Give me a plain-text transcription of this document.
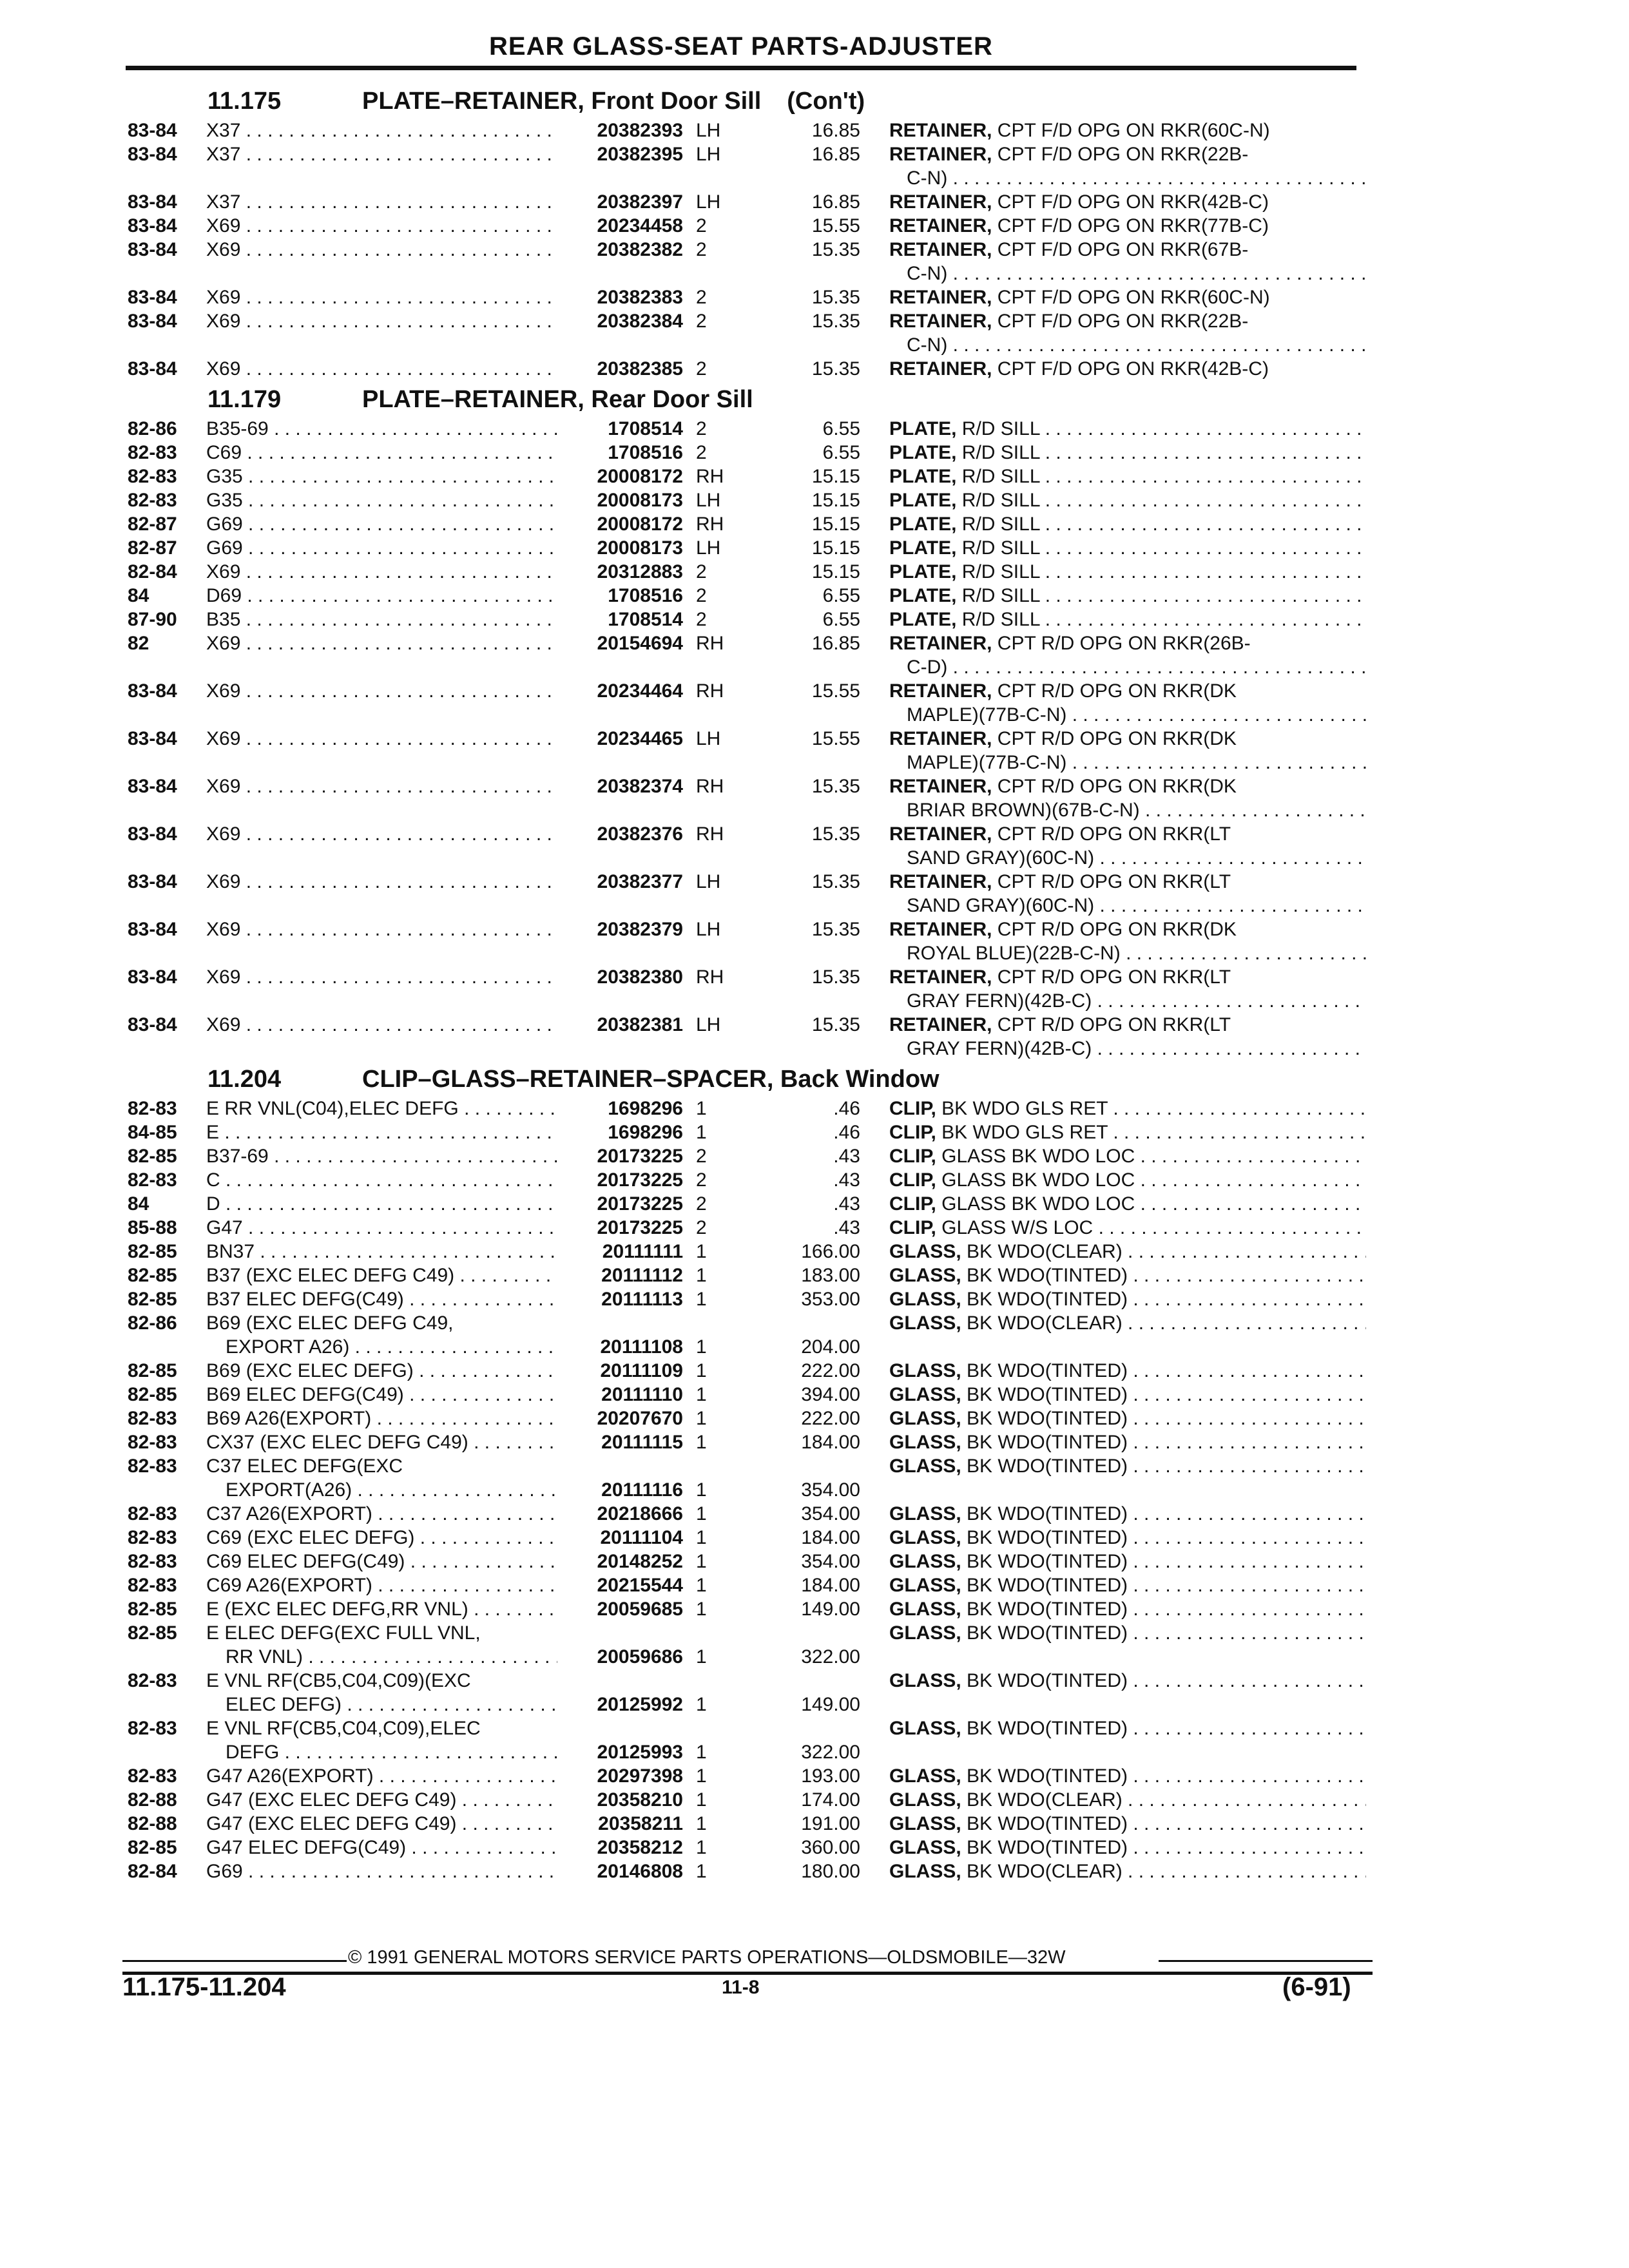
REAR GLASS-SEAT PARTS-ADJUSTER
11.175	PLATE–RETAINER, Front Door Sill (Con't)
83-84 X37 . . .	20382393 LH	16.85 RETAINER, CPT F/D OPG ON RKR(60C-N)
83-84 X37 . . .	20382395 LH	16.85 RETAINER, CPT F/D OPG ON RKR(22B-
C-N) . . .
83-84 X37 . . .	20382397 LH	16.85 RETAINER, CPT F/D OPG ON RKR(42B-C)
83-84 X69 . . .	20234458 2	15.55 RETAINER, CPT F/D OPG ON RKR(77B-C)
83-84 X69 . . .	20382382 2	15.35 RETAINER, CPT F/D OPG ON RKR(67B-
C-N) . . .
83-84 X69 . . .	20382383 2	15.35 RETAINER, CPT F/D OPG ON RKR(60C-N)
83-84 X69 . . .	20382384 2	15.35 RETAINER, CPT F/D OPG ON RKR(22B-
C-N) . . .
83-84 X69 . . .	20382385 2	15.35 RETAINER, CPT F/D OPG ON RKR(42B-C)
11.179	PLATE–RETAINER, Rear Door Sill
82-86 B35-69 . . .	1708514 2	6.55 PLATE, R/D SILL . . .
82-83 C69 . . .	1708516 2	6.55 PLATE, R/D SILL . . .
82-83 G35 . . .	20008172 RH	15.15 PLATE, R/D SILL . . .
82-83 G35 . . .	20008173 LH	15.15 PLATE, R/D SILL . . .
82-87 G69 . . .	20008172 RH	15.15 PLATE, R/D SILL . . .
82-87 G69 . . .	20008173 LH	15.15 PLATE, R/D SILL . . .
82-84 X69 . . .	20312883 2	15.15 PLATE, R/D SILL . . .
84	D69 . . .	1708516 2	6.55 PLATE, R/D SILL . . .
87-90 B35 . . .	1708514 2	6.55 PLATE, R/D SILL . . .
82	X69 . . .	20154694 RH	16.85 RETAINER, CPT R/D OPG ON RKR(26B-
C-D) . . .
83-84 X69 . . .	20234464 RH	15.55 RETAINER, CPT R/D OPG ON RKR(DK
MAPLE)(77B-C-N) . . .
83-84 X69 . . .	20234465 LH	15.55 RETAINER, CPT R/D OPG ON RKR(DK
MAPLE)(77B-C-N) . . .
83-84 X69 . . .	20382374 RH	15.35 RETAINER, CPT R/D OPG ON RKR(DK
BRIAR BROWN)(67B-C-N) . . .
83-84 X69 . . .	20382376 RH	15.35 RETAINER, CPT R/D OPG ON RKR(LT
SAND GRAY)(60C-N) . . .
83-84 X69 . . .	20382377 LH	15.35 RETAINER, CPT R/D OPG ON RKR(LT
SAND GRAY)(60C-N) . . .
83-84 X69 . . .	20382379 LH	15.35 RETAINER, CPT R/D OPG ON RKR(DK
ROYAL BLUE)(22B-C-N) . . .
83-84 X69 . . .	20382380 RH	15.35 RETAINER, CPT R/D OPG ON RKR(LT
GRAY FERN)(42B-C) . . .
83-84 X69 . . .	20382381 LH	15.35 RETAINER, CPT R/D OPG ON RKR(LT
GRAY FERN)(42B-C) . . .
11.204	CLIP–GLASS–RETAINER–SPACER, Back Window
82-83 E RR VNL(C04),ELEC DEFG . . .	1698296 1	.46 CLIP, BK WDO GLS RET . . .
84-85 E . . .	1698296 1	.46 CLIP, BK WDO GLS RET . . .
82-85 B37-69 . . .	20173225 2	.43 CLIP, GLASS BK WDO LOC . . .
82-83 C . . .	20173225 2	.43 CLIP, GLASS BK WDO LOC . . .
84	D . . .	20173225 2	.43 CLIP, GLASS BK WDO LOC . . .
85-88 G47 . . .	20173225 2	.43 CLIP, GLASS W/S LOC . . .
82-85 BN37 . . .	20111111 1	166.00 GLASS, BK WDO(CLEAR) . . .
82-85 B37 (EXC ELEC DEFG C49) . . .	20111112 1	183.00 GLASS, BK WDO(TINTED) . . .
82-85 B37 ELEC DEFG(C49) . . .	20111113 1	353.00 GLASS, BK WDO(TINTED) . . .
82-86 B69 (EXC ELEC DEFG C49,	GLASS, BK WDO(CLEAR) . . .
EXPORT A26) . . .	20111108 1	204.00
82-85 B69 (EXC ELEC DEFG) . . .	20111109 1	222.00 GLASS, BK WDO(TINTED) . . .
82-85 B69 ELEC DEFG(C49) . . .	20111110 1	394.00 GLASS, BK WDO(TINTED) . . .
82-83 B69 A26(EXPORT) . . .	20207670 1	222.00 GLASS, BK WDO(TINTED) . . .
82-83 CX37 (EXC ELEC DEFG C49) . . .	20111115 1	184.00 GLASS, BK WDO(TINTED) . . .
82-83 C37 ELEC DEFG(EXC	GLASS, BK WDO(TINTED) . . .
EXPORT(A26) . . .	20111116 1	354.00
82-83 C37 A26(EXPORT) . . .	20218666 1	354.00 GLASS, BK WDO(TINTED) . . .
82-83 C69 (EXC ELEC DEFG) . . .	20111104 1	184.00 GLASS, BK WDO(TINTED) . . .
82-83 C69 ELEC DEFG(C49) . . .	20148252 1	354.00 GLASS, BK WDO(TINTED) . . .
82-83 C69 A26(EXPORT) . . .	20215544 1	184.00 GLASS, BK WDO(TINTED) . . .
82-85 E (EXC ELEC DEFG,RR VNL) . . .	20059685 1	149.00 GLASS, BK WDO(TINTED) . . .
82-85 E ELEC DEFG(EXC FULL VNL,	GLASS, BK WDO(TINTED) . . .
RR VNL) . . .	20059686 1	322.00
82-83 E VNL RF(CB5,C04,C09)(EXC	GLASS, BK WDO(TINTED) . . .
ELEC DEFG) . . .	20125992 1	149.00
82-83 E VNL RF(CB5,C04,C09),ELEC	GLASS, BK WDO(TINTED) . . .
DEFG . . .	20125993 1	322.00
82-83 G47 A26(EXPORT) . . .	20297398 1	193.00 GLASS, BK WDO(TINTED) . . .
82-88 G47 (EXC ELEC DEFG C49) . . .	20358210 1	174.00 GLASS, BK WDO(CLEAR) . . .
82-88 G47 (EXC ELEC DEFG C49) . . .	20358211 1	191.00 GLASS, BK WDO(TINTED) . . .
82-85 G47 ELEC DEFG(C49) . . .	20358212 1	360.00 GLASS, BK WDO(TINTED) . . .
82-84 G69 . . .	20146808 1	180.00 GLASS, BK WDO(CLEAR) . . .
© 1991 GENERAL MOTORS SERVICE PARTS OPERATIONS—OLDSMOBILE—32W
11.175-11.204	11-8	(6-91)
